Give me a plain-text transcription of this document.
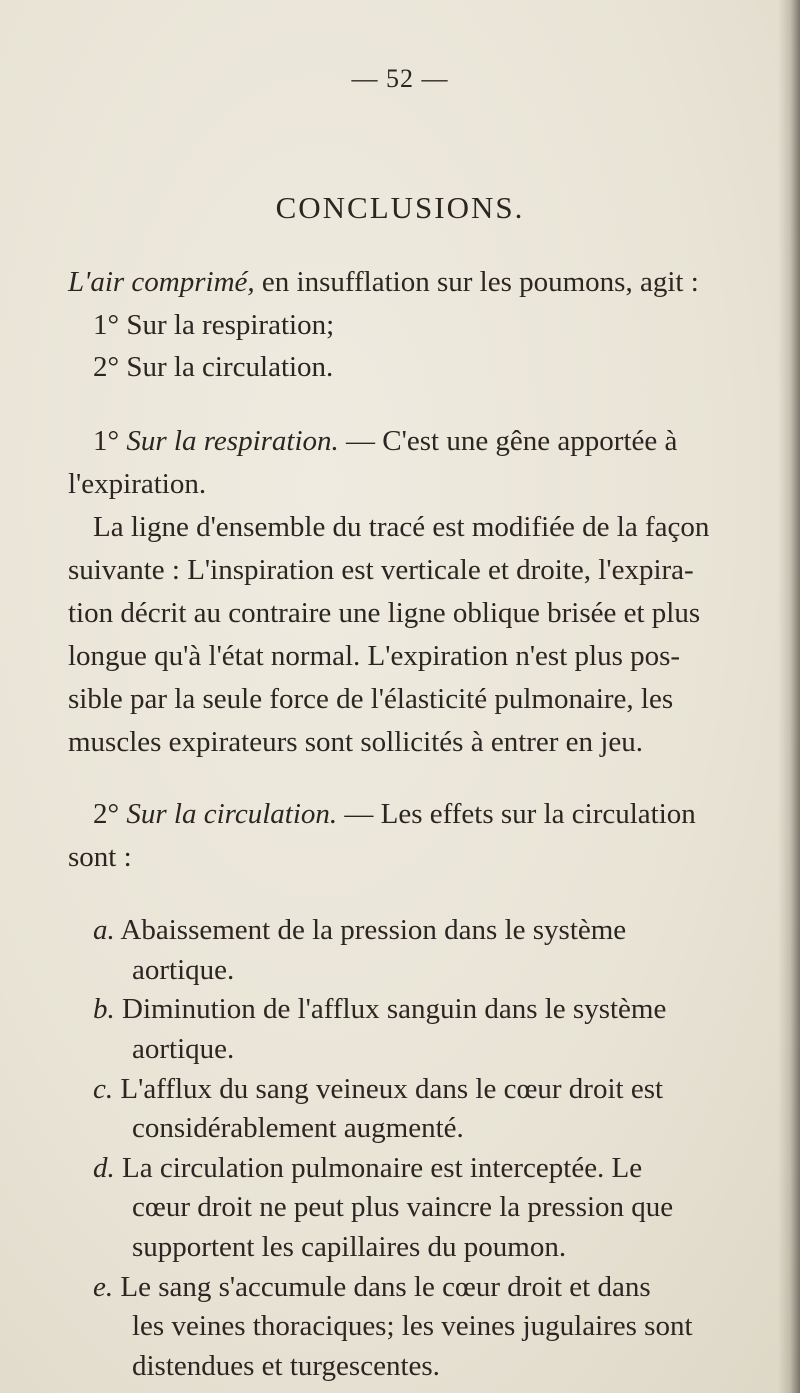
— 52 —
CONCLUSIONS.
L'air comprimé, en insufflation sur les poumons, agit :
1° Sur la respiration;
2° Sur la circulation.
1° Sur la respiration. — C'est une gêne apportée à
l'expiration.
La ligne d'ensemble du tracé est modifiée de la façon
suivante : L'inspiration est verticale et droite, l'expira-
tion décrit au contraire une ligne oblique brisée et plus
longue qu'à l'état normal. L'expiration n'est plus pos-
sible par la seule force de l'élasticité pulmonaire, les
muscles expirateurs sont sollicités à entrer en jeu.
2° Sur la circulation. — Les effets sur la circulation
sont :
a. Abaissement de la pression dans le système
aortique.
b. Diminution de l'afflux sanguin dans le système
aortique.
c. L'afflux du sang veineux dans le cœur droit est
considérablement augmenté.
d. La circulation pulmonaire est interceptée. Le
cœur droit ne peut plus vaincre la pression que
supportent les capillaires du poumon.
e. Le sang s'accumule dans le cœur droit et dans
les veines thoraciques; les veines jugulaires sont
distendues et turgescentes.
